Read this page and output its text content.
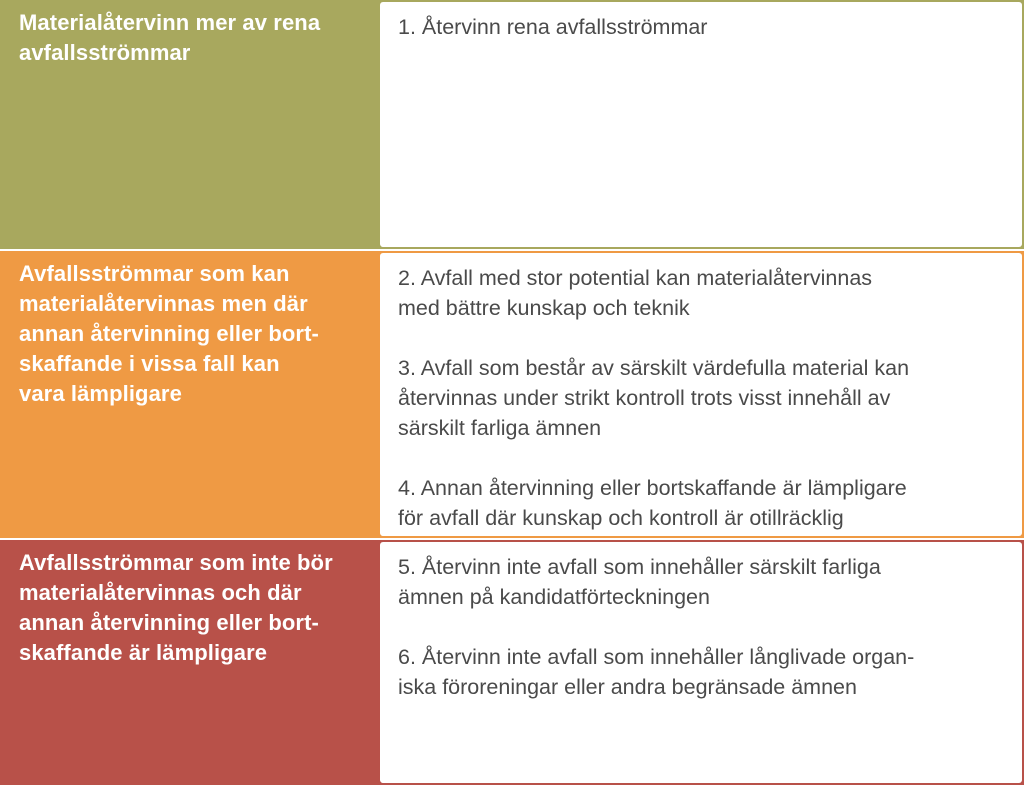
Materialåtervinn mer av rena
avfallsströmmar
1. Återvinn rena avfallsströmmar
Avfallsströmmar som kan
materialåtervinnas men där
annan återvinning eller bort-
skaffande i vissa fall kan
vara lämpligare
2. Avfall med stor potential kan materialåtervinnas
med bättre kunskap och teknik
3. Avfall som består av särskilt värdefulla material kan
återvinnas under strikt kontroll trots visst innehåll av
särskilt farliga ämnen
4. Annan återvinning eller bortskaffande är lämpligare
för avfall där kunskap och kontroll är otillräcklig
Avfallsströmmar som inte bör
materialåtervinnas och där
annan återvinning eller bort-
skaffande är lämpligare
5. Återvinn inte avfall som innehåller särskilt farliga
ämnen på kandidatförteckningen
6. Återvinn inte avfall som innehåller långlivade organ-
iska föroreningar eller andra begränsade ämnen
